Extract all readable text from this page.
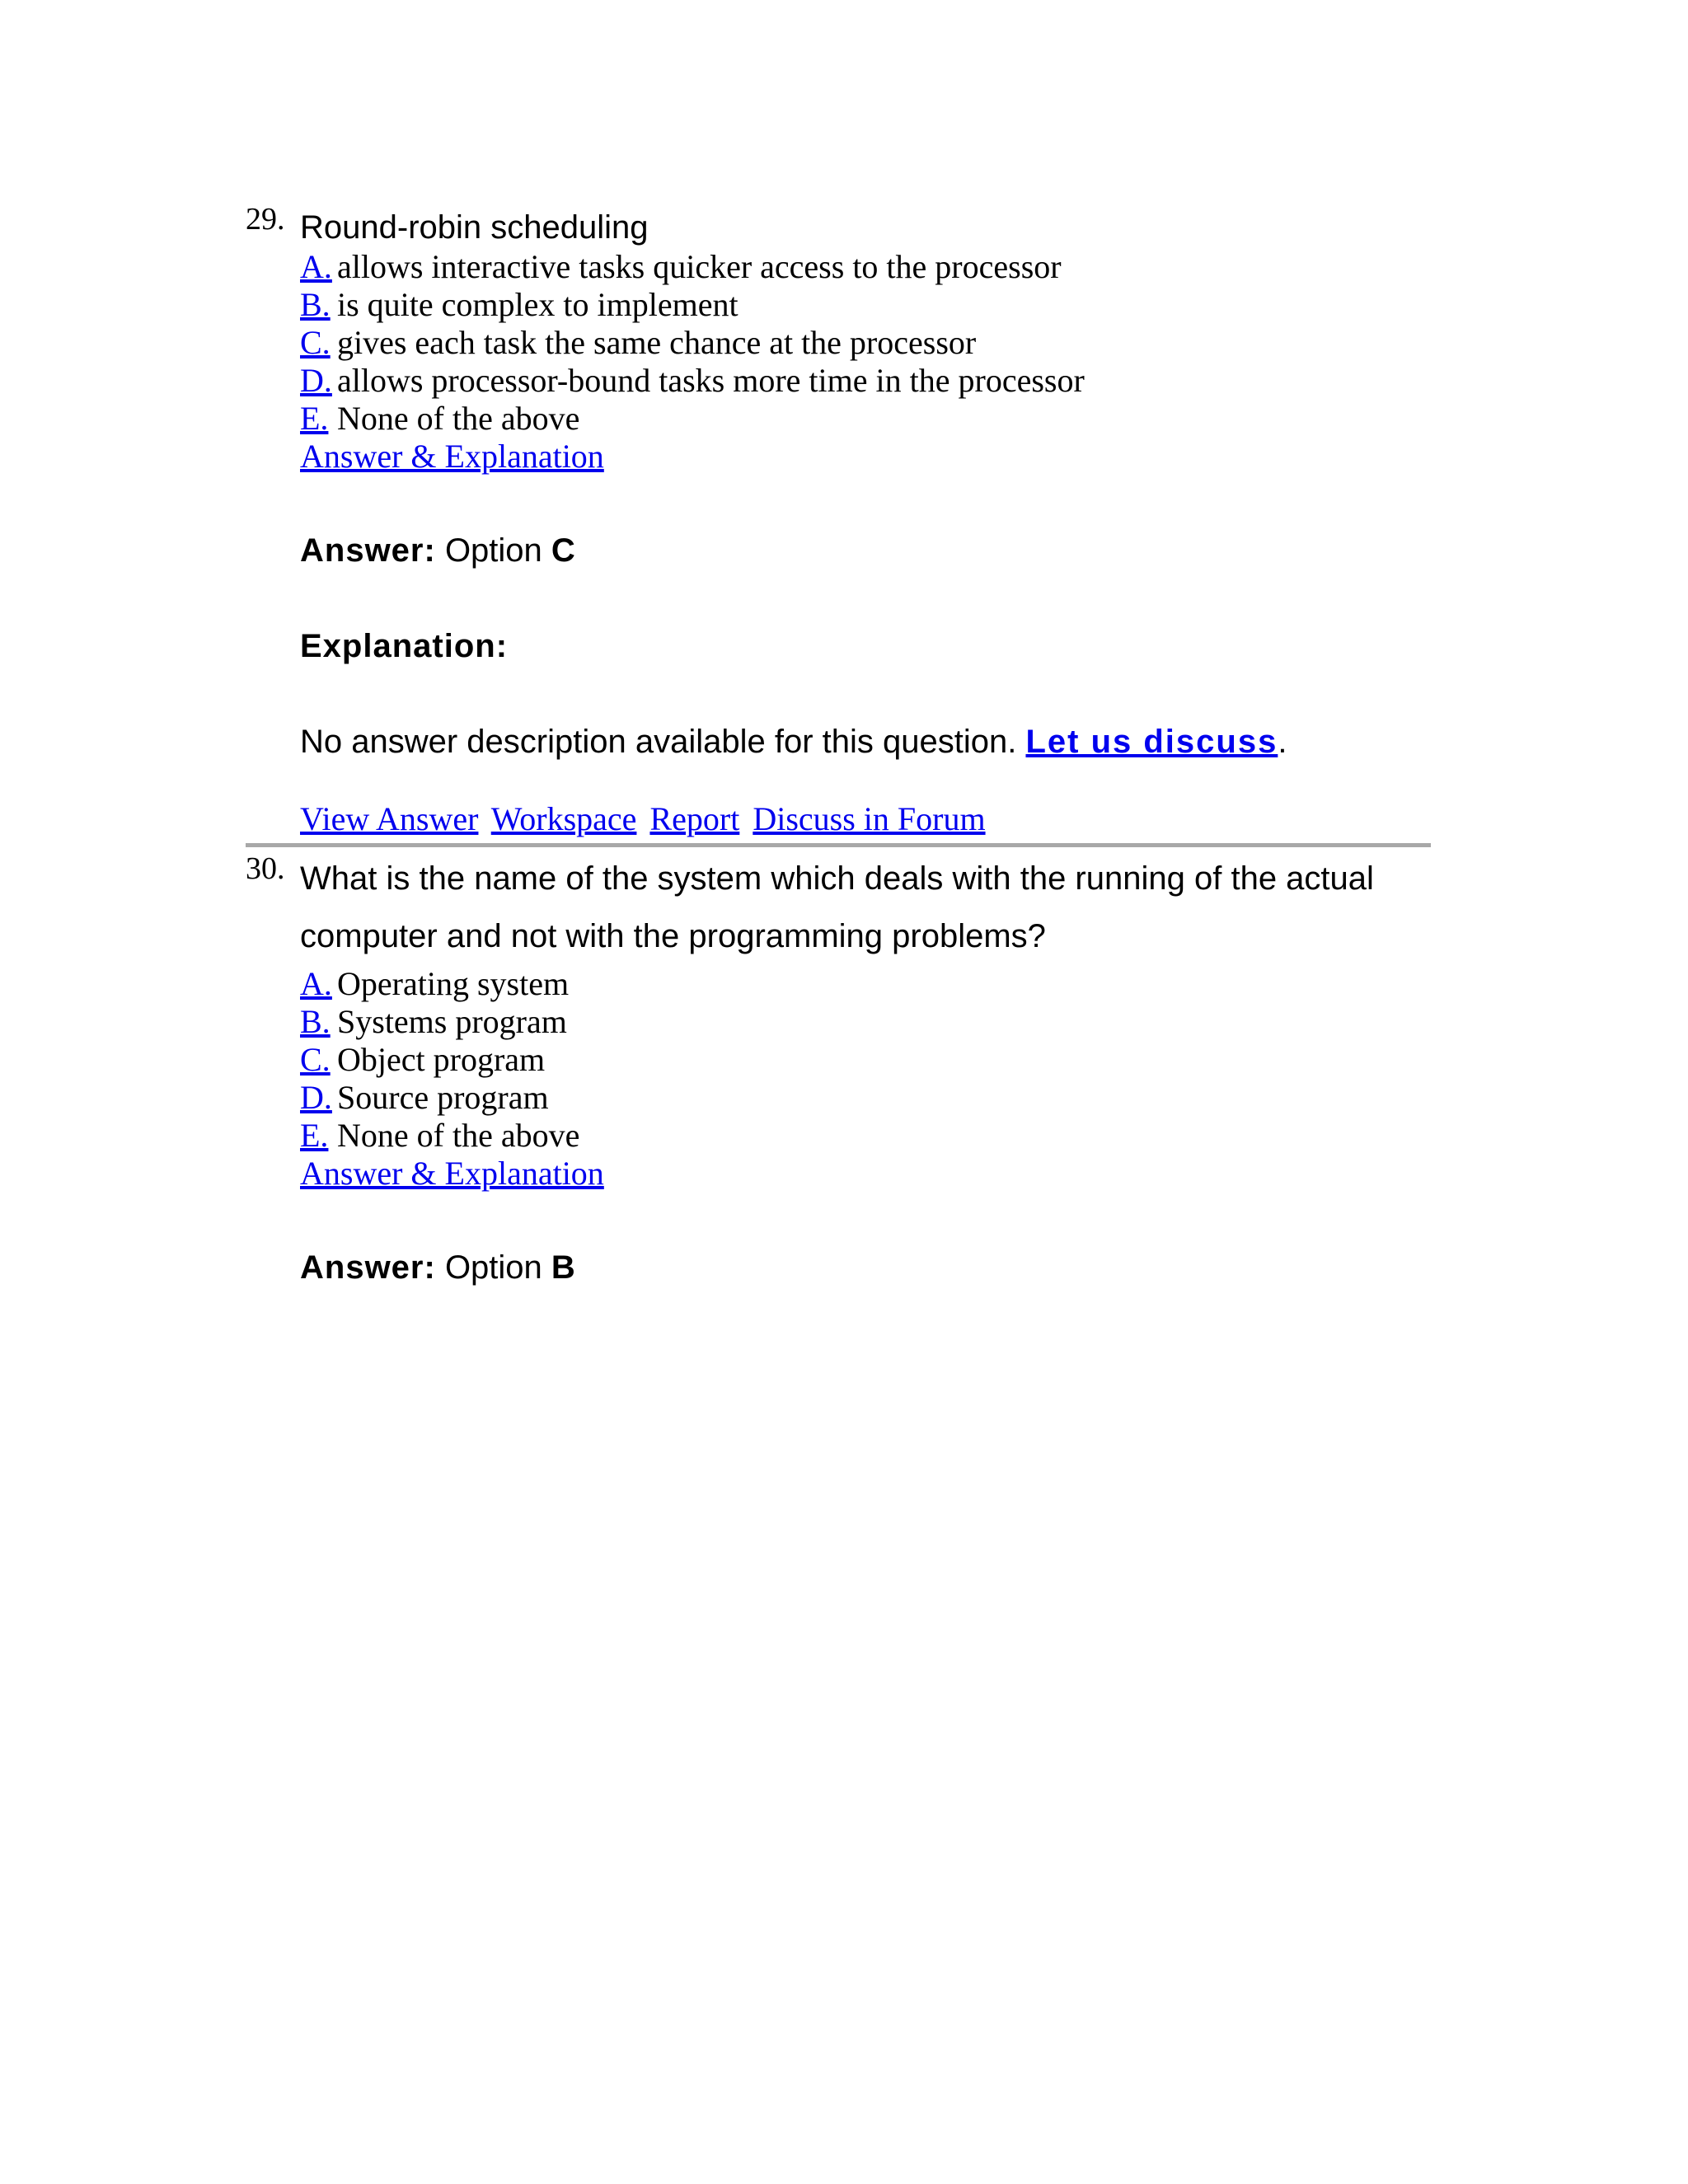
29. Round-robin scheduling
A. allows interactive tasks quicker access to the processor
B. is quite complex to implement
C. gives each task the same chance at the processor
D. allows processor-bound tasks more time in the processor
E. None of the above
Answer & Explanation
Answer: Option C
Explanation:
No answer description available for this question. Let us discuss.
View Answer Workspace Report Discuss in Forum
30. What is the name of the system which deals with the running of the actual
computer and not with the programming problems?
A. Operating system
B. Systems program
C. Object program
D. Source program
E. None of the above
Answer & Explanation
Answer: Option B
